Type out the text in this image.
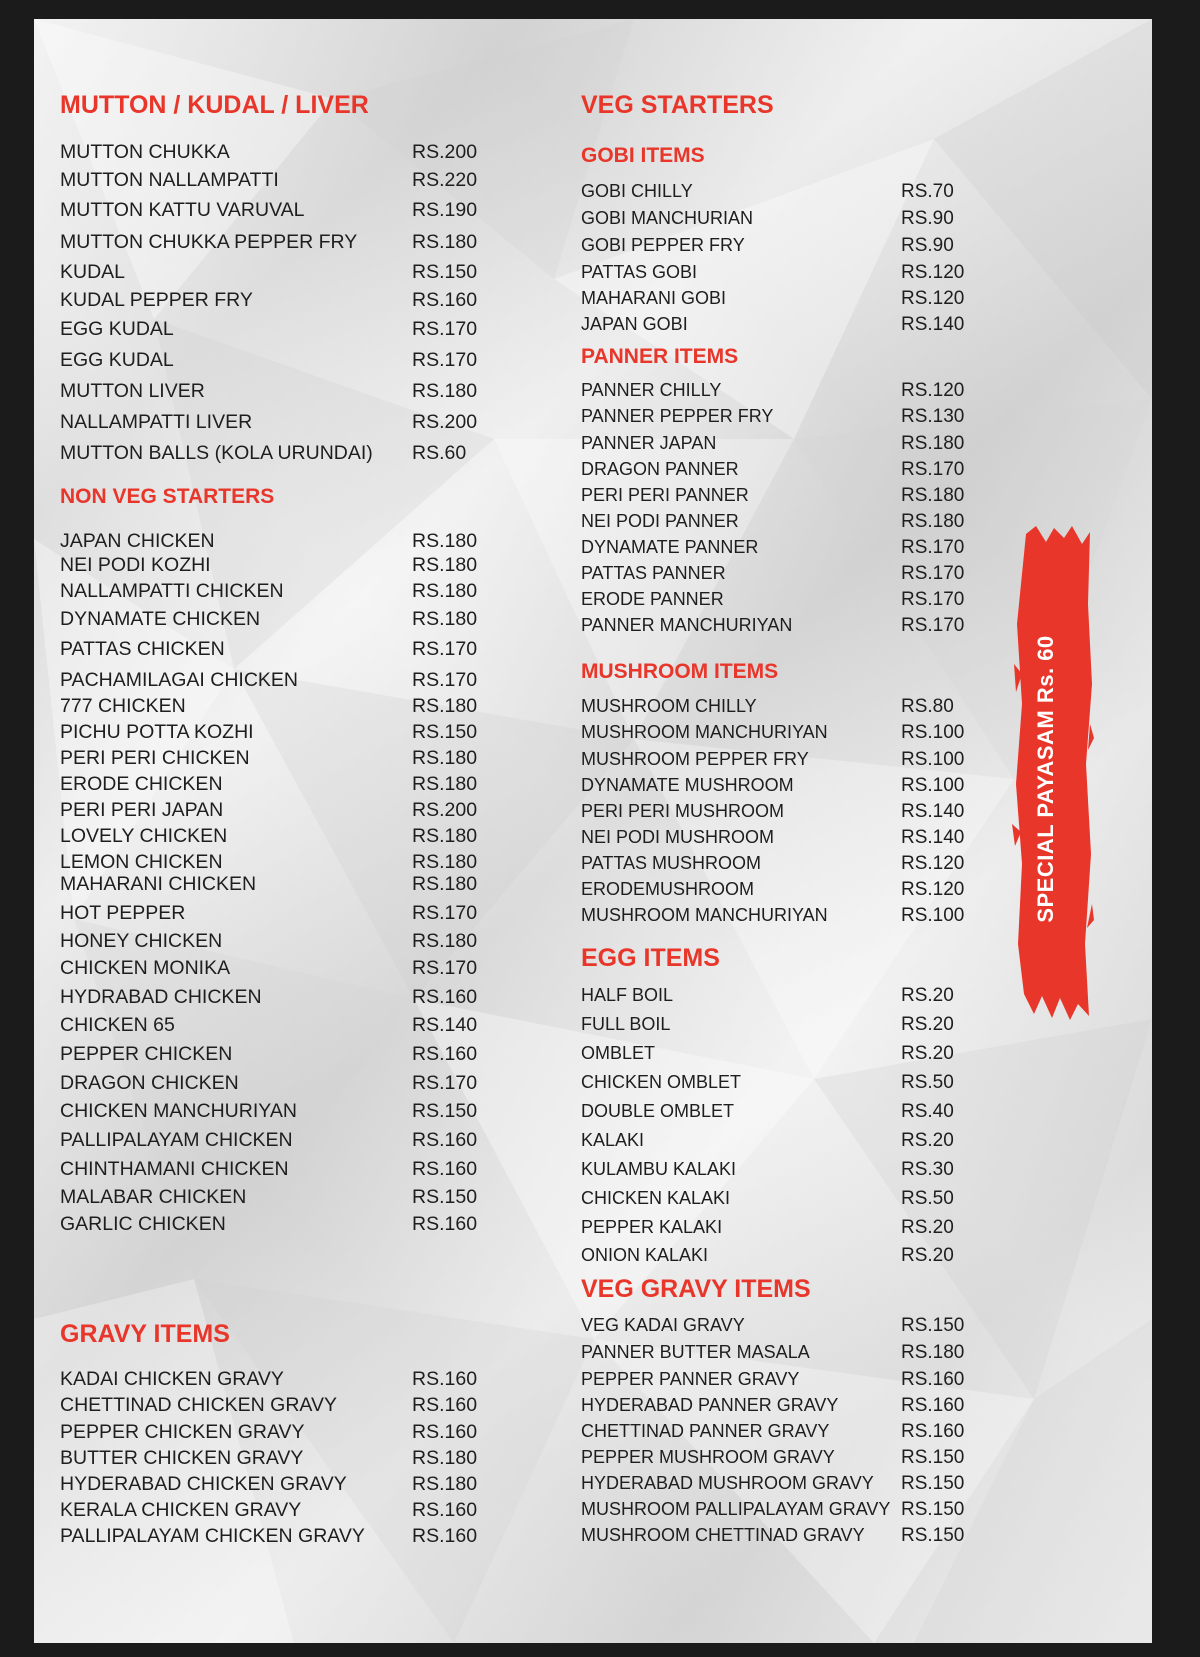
MUTTON / KUDAL / LIVER
MUTTON CHUKKA	RS.200
MUTTON NALLAMPATTI	RS.220
MUTTON KATTU VARUVAL	RS.190
MUTTON CHUKKA PEPPER FRY	RS.180
KUDAL	RS.150
KUDAL PEPPER FRY	RS.160
EGG KUDAL	RS.170
EGG KUDAL	RS.170
MUTTON LIVER	RS.180
NALLAMPATTI LIVER	RS.200
MUTTON BALLS (KOLA URUNDAI) RS.60
NON VEG STARTERS
JAPAN CHICKEN	RS.180
NEI PODI KOZHI	RS.180
NALLAMPATTI CHICKEN	RS.180
DYNAMATE CHICKEN	RS.180
PATTAS CHICKEN	RS.170
PACHAMILAGAI CHICKEN	RS.170
777 CHICKEN	RS.180
PICHU POTTA KOZHI	RS.150
PERI PERI CHICKEN	RS.180
ERODE CHICKEN	RS.180
PERI PERI JAPAN	RS.200
LOVELY CHICKEN	RS.180
LEMON CHICKEN	RS.180
MAHARANI CHICKEN	RS.180
HOT PEPPER	RS.170
HONEY CHICKEN	RS.180
CHICKEN MONIKA	RS.170
HYDRABAD CHICKEN	RS.160
CHICKEN 65	RS.140
PEPPER CHICKEN	RS.160
DRAGON CHICKEN	RS.170
CHICKEN MANCHURIYAN	RS.150
PALLIPALAYAM CHICKEN	RS.160
CHINTHAMANI CHICKEN	RS.160
MALABAR CHICKEN	RS.150
GARLIC CHICKEN	RS.160
GRAVY ITEMS
KADAI CHICKEN GRAVY	RS.160
CHETTINAD CHICKEN GRAVY	RS.160
PEPPER CHICKEN GRAVY	RS.160
BUTTER CHICKEN GRAVY	RS.180
HYDERABAD CHICKEN GRAVY	RS.180
KERALA CHICKEN GRAVY	RS.160
PALLIPALAYAM CHICKEN GRAVY RS.160
VEG STARTERS
GOBI ITEMS
GOBI CHILLY	RS.70
GOBI MANCHURIAN	RS.90
GOBI PEPPER FRY	RS.90
PATTAS GOBI	RS.120
MAHARANI GOBI	RS.120
JAPAN GOBI	RS.140
PANNER ITEMS
PANNER CHILLY	RS.120
PANNER PEPPER FRY	RS.130
PANNER JAPAN	RS.180
DRAGON PANNER	RS.170
PERI PERI PANNER	RS.180
NEI PODI PANNER	RS.180
DYNAMATE PANNER	RS.170
PATTAS PANNER	RS.170
ERODE PANNER	RS.170
PANNER MANCHURIYAN	RS.170
MUSHROOM ITEMS
MUSHROOM CHILLY	RS.80
MUSHROOM MANCHURIYAN	RS.100
MUSHROOM PEPPER FRY	RS.100
DYNAMATE MUSHROOM	RS.100
PERI PERI MUSHROOM	RS.140
NEI PODI MUSHROOM	RS.140
PATTAS MUSHROOM	RS.120
ERODEMUSHROOM	RS.120
MUSHROOM MANCHURIYAN	RS.100
EGG ITEMS
HALF BOIL	RS.20
FULL BOIL	RS.20
OMBLET	RS.20
CHICKEN OMBLET	RS.50
DOUBLE OMBLET	RS.40
KALAKI	RS.20
KULAMBU KALAKI	RS.30
CHICKEN KALAKI	RS.50
PEPPER KALAKI	RS.20
ONION KALAKI	RS.20
VEG GRAVY ITEMS
VEG KADAI GRAVY	RS.150
PANNER BUTTER MASALA	RS.180
PEPPER PANNER GRAVY	RS.160
HYDERABAD PANNER GRAVY	RS.160
CHETTINAD PANNER GRAVY	RS.160
PEPPER MUSHROOM GRAVY	RS.150
HYDERABAD MUSHROOM GRAVY RS.150
MUSHROOM PALLIPALAYAM GRAVY RS.150
MUSHROOM CHETTINAD GRAVY RS.150
SPECIAL PAYASAM Rs. 60
